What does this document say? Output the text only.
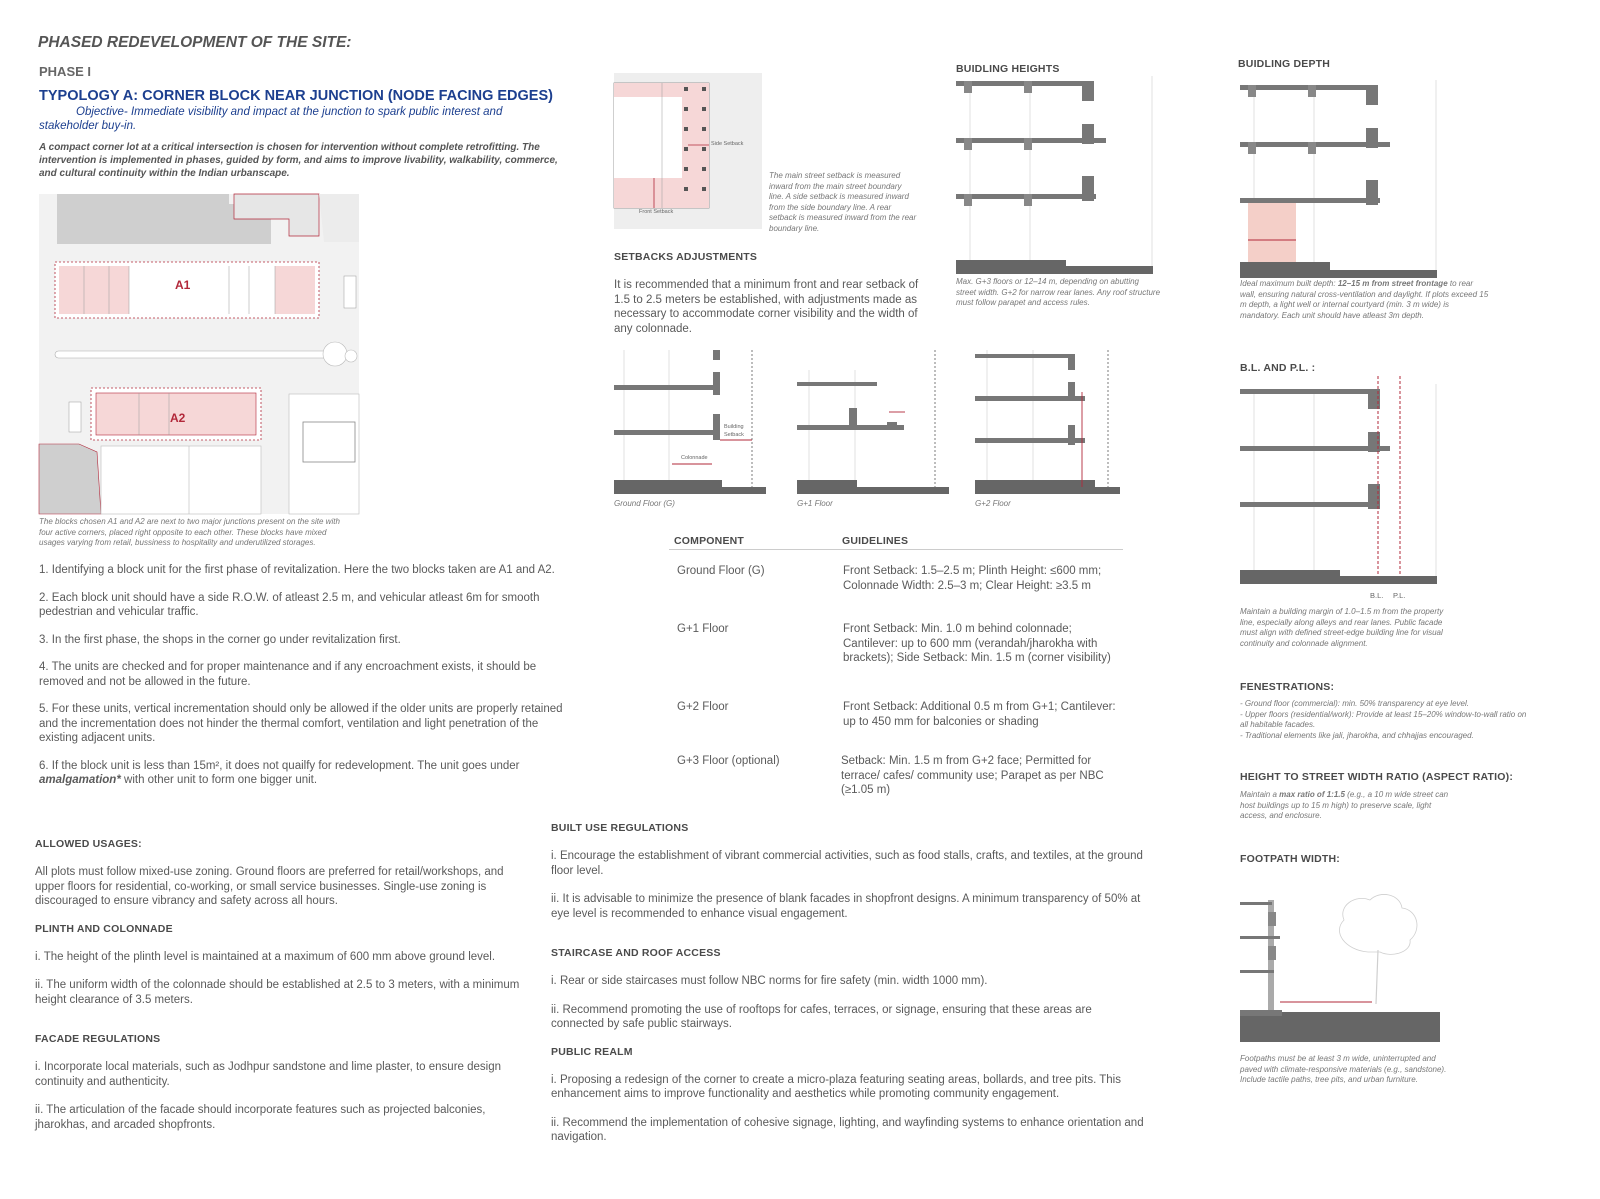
PHASED REDEVELOPMENT OF THE SITE:
PHASE I
TYPOLOGY A: CORNER BLOCK NEAR JUNCTION (NODE FACING EDGES)
Objective- Immediate visibility and impact at the junction to spark public interest and stakeholder buy-in.
A compact corner lot at a critical intersection is chosen for intervention without complete retrofitting. The intervention is implemented in phases, guided by form, and aims to improve livability, walkability, commerce, and cultural continuity within the Indian urbanscape.
A1
A2
The blocks chosen A1 and A2 are next to two major junctions present on the site with four active corners, placed right opposite to each other. These blocks have mixed usages varying from retail, bussiness to hospitality and underutilized storages.

1. Identifying a block unit for the first phase of revitalization. Here the two blocks taken are A1 and A2.

2. Each block unit should have a side R.O.W. of atleast 2.5 m, and vehicular atleast 6m for smooth pedestrian and vehicular traffic.

3. In the first phase, the shops in the corner go under revitalization first.

4. The units are checked and for proper maintenance and if any encroachment exists, it should be removed and not be allowed in the future.

5. For these units, vertical incrementation should only be allowed if the older units are properly retained and the incrementation does not hinder the thermal comfort, ventilation and light penetration of the existing adjacent units.

6. If the block unit is less than 15m², it does not quailfy for redevelopment. The unit goes under amalgamation* with other unit to form one bigger unit.

Side Setback
Front Setback
The main street setback is measured inward from the main street boundary line. A side setback is measured inward from the side boundary line. A rear setback is measured inward from the rear boundary line.
SETBACKS ADJUSTMENTS
It is recommended that a minimum front and rear setback of 1.5 to 2.5 meters be established, with adjustments made as necessary to accommodate corner visibility and the width of any colonnade.
Colonnade
Building Setback
Ground Floor (G)	G+1 Floor	G+2 Floor
BUIDLING HEIGHTS
Max. G+3 floors or 12–14 m, depending on abutting street width. G+2 for narrow rear lanes. Any roof structure must follow parapet and access rules.
BUIDLING DEPTH
Ideal maximum built depth: 12–15 m from street frontage to rear wall, ensuring natural cross-ventilation and daylight. If plots exceed 15 m depth, a light well or internal courtyard (min. 3 m wide) is mandatory. Each unit should have atleast 3m depth.
B.L. AND P.L. :
B.L. P.L.
Maintain a building margin of 1.0–1.5 m from the property line, especially along alleys and rear lanes. Public facade must align with defined street-edge building line for visual continuity and colonnade alignment.
FENESTRATIONS:
- Ground floor (commercial): min. 50% transparency at eye level.
- Upper floors (residential/work): Provide at least 15–20% window-to-wall ratio on all habitable facades.
- Traditional elements like jali, jharokha, and chhajjas encouraged.
HEIGHT TO STREET WIDTH RATIO (ASPECT RATIO):
Maintain a max ratio of 1:1.5 (e.g., a 10 m wide street can host buildings up to 15 m high) to preserve scale, light access, and enclosure.
FOOTPATH WIDTH:
Footpaths must be at least 3 m wide, uninterrupted and paved with climate-responsive materials (e.g., sandstone). Include tactile paths, tree pits, and urban furniture.
COMPONENT	GUIDELINES
Ground Floor (G)	Front Setback: 1.5–2.5 m; Plinth Height: ≤600 mm; Colonnade Width: 2.5–3 m; Clear Height: ≥3.5 m
G+1 Floor	Front Setback: Min. 1.0 m behind colonnade; Cantilever: up to 600 mm (verandah/jharokha with brackets); Side Setback: Min. 1.5 m (corner visibility)
G+2 Floor	Front Setback: Additional 0.5 m from G+1; Cantilever: up to 450 mm for balconies or shading
G+3 Floor (optional)	Setback: Min. 1.5 m from G+2 face; Permitted for terrace/ cafes/ community use; Parapet as per NBC (≥1.05 m)
ALLOWED USAGES:

All plots must follow mixed-use zoning. Ground floors are preferred for retail/workshops, and upper floors for residential, co-working, or small service businesses. Single-use zoning is discouraged to ensure vibrancy and safety across all hours.

PLINTH AND COLONNADE

i. The height of the plinth level is maintained at a maximum of 600 mm above ground level.

ii. The uniform width of the colonnade should be established at 2.5 to 3 meters, with a minimum height clearance of 3.5 meters.

FACADE REGULATIONS

i. Incorporate local materials, such as Jodhpur sandstone and lime plaster, to ensure design continuity and authenticity.

ii. The articulation of the facade should incorporate features such as projected balconies, jharokhas, and arcaded shopfronts.

BUILT USE REGULATIONS

i. Encourage the establishment of vibrant commercial activities, such as food stalls, crafts, and textiles, at the ground floor level.

ii. It is advisable to minimize the presence of blank facades in shopfront designs. A minimum transparency of 50% at eye level is recommended to enhance visual engagement.

STAIRCASE AND ROOF ACCESS

i. Rear or side staircases must follow NBC norms for fire safety (min. width 1000 mm).

ii. Recommend promoting the use of rooftops for cafes, terraces, or signage, ensuring that these areas are connected by safe public stairways.

PUBLIC REALM

i. Proposing a redesign of the corner to create a micro-plaza featuring seating areas, bollards, and tree pits. This enhancement aims to improve functionality and aesthetics while promoting community engagement.

ii. Recommend the implementation of cohesive signage, lighting, and wayfinding systems to enhance orientation and navigation.
